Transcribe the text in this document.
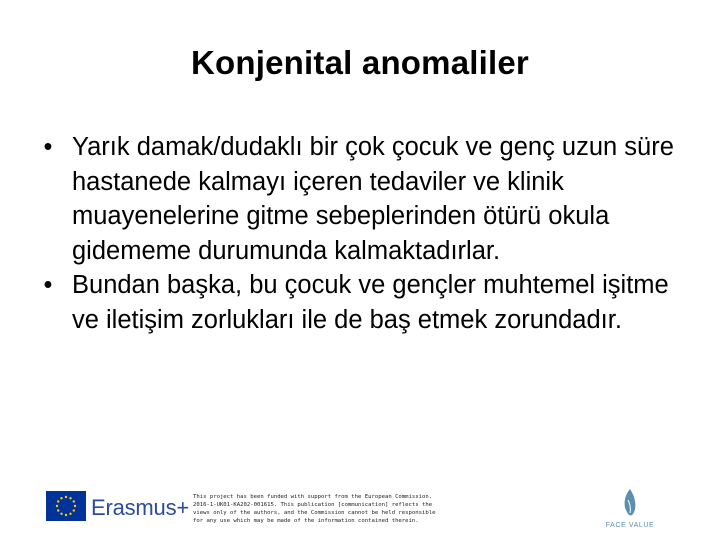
Konjenital anomaliler
• Yarık damak/dudaklı bir çok çocuk ve genç uzun süre hastanede kalmayı içeren tedaviler ve klinik muayenelerine gitme sebeplerinden ötürü okula gidememe durumunda kalmaktadırlar.
• Bundan başka, bu çocuk ve gençler muhtemel işitme ve iletişim zorlukları ile de baş etmek zorundadır.
Erasmus+ This project has been funded with support from the European Commission. 2016-1-UK01-KA202-001615. This publication [communication] reflects the views only of the authors, and the Commission cannot be held responsible for any use which may be made of the information contained therein.
FACE VALUE
